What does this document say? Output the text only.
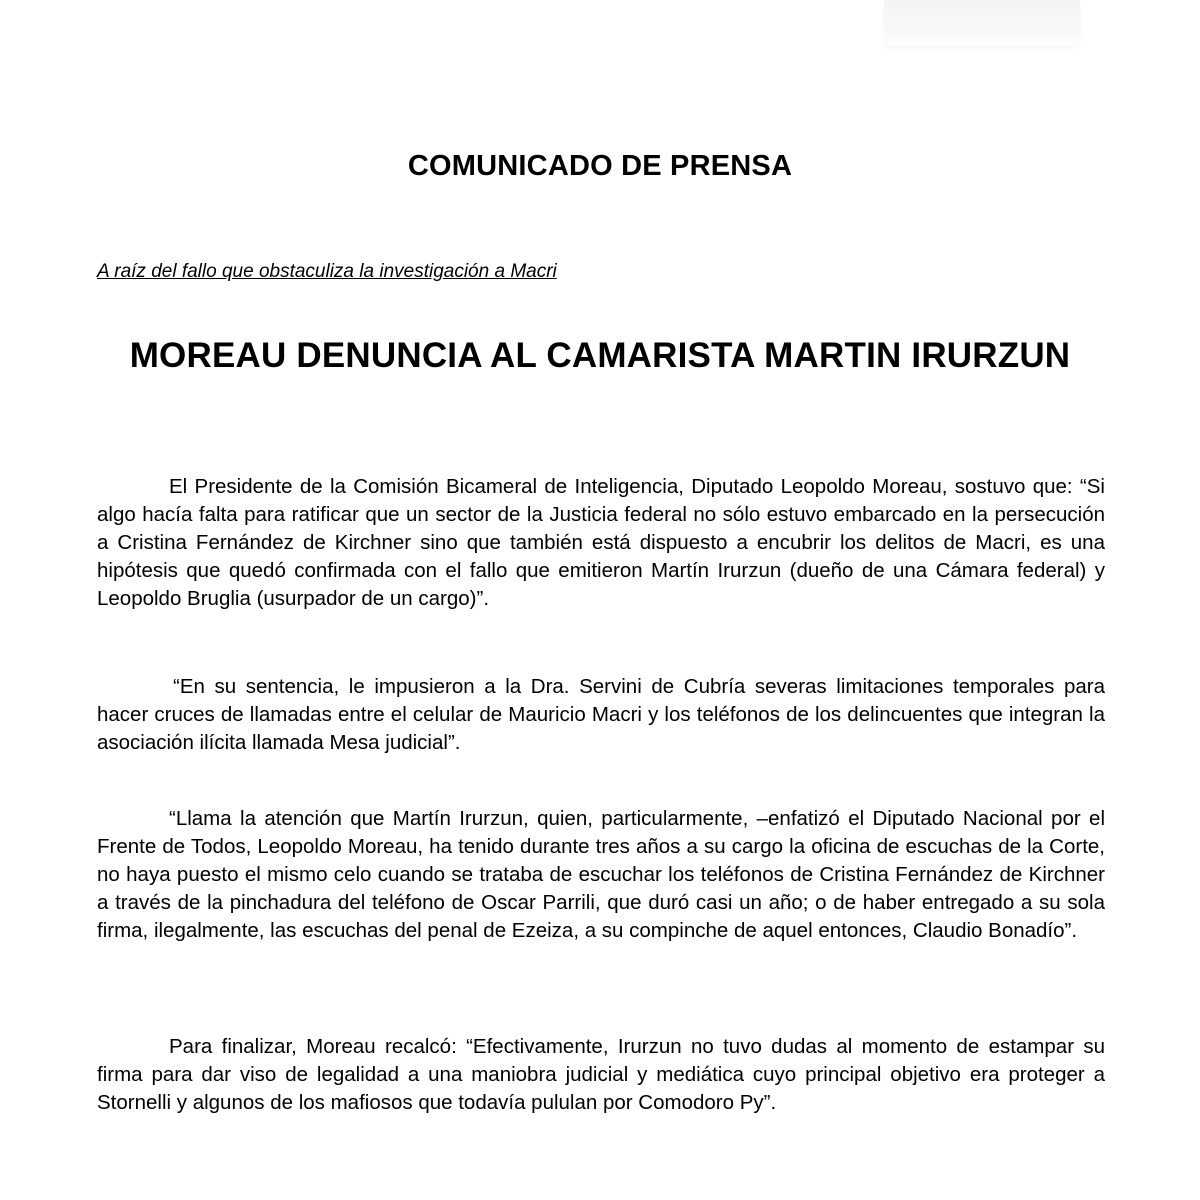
COMUNICADO DE PRENSA
A raíz del fallo que obstaculiza la investigación a Macri
MOREAU DENUNCIA AL CAMARISTA MARTIN IRURZUN

El Presidente de la Comisión Bicameral de Inteligencia, Diputado Leopoldo Moreau, sostuvo que: “Si algo hacía falta para ratificar que un sector de la Justicia federal no sólo estuvo embarcado en la persecución a Cristina Fernández de Kirchner sino que también está dispuesto a encubrir los delitos de Macri, es una hipótesis que quedó confirmada con el fallo que emitieron Martín Irurzun (dueño de una Cámara federal) y Leopoldo Bruglia (usurpador de un cargo)”.

“En su sentencia, le impusieron a la Dra. Servini de Cubría severas limitaciones temporales para hacer cruces de llamadas entre el celular de Mauricio Macri y los teléfonos de los delincuentes que integran la asociación ilícita llamada Mesa judicial”.

“Llama la atención que Martín Irurzun, quien, particularmente, –enfatizó el Diputado Nacional por el Frente de Todos, Leopoldo Moreau, ha tenido durante tres años a su cargo la oficina de escuchas de la Corte, no haya puesto el mismo celo cuando se trataba de escuchar los teléfonos de Cristina Fernández de Kirchner a través de la pinchadura del teléfono de Oscar Parrili, que duró casi un año; o de haber entregado a su sola firma, ilegalmente, las escuchas del penal de Ezeiza, a su compinche de aquel entonces, Claudio Bonadío”.

Para finalizar, Moreau recalcó: “Efectivamente, Irurzun no tuvo dudas al momento de estampar su firma para dar viso de legalidad a una maniobra judicial y mediática cuyo principal objetivo era proteger a Stornelli y algunos de los mafiosos que todavía pululan por Comodoro Py”.
